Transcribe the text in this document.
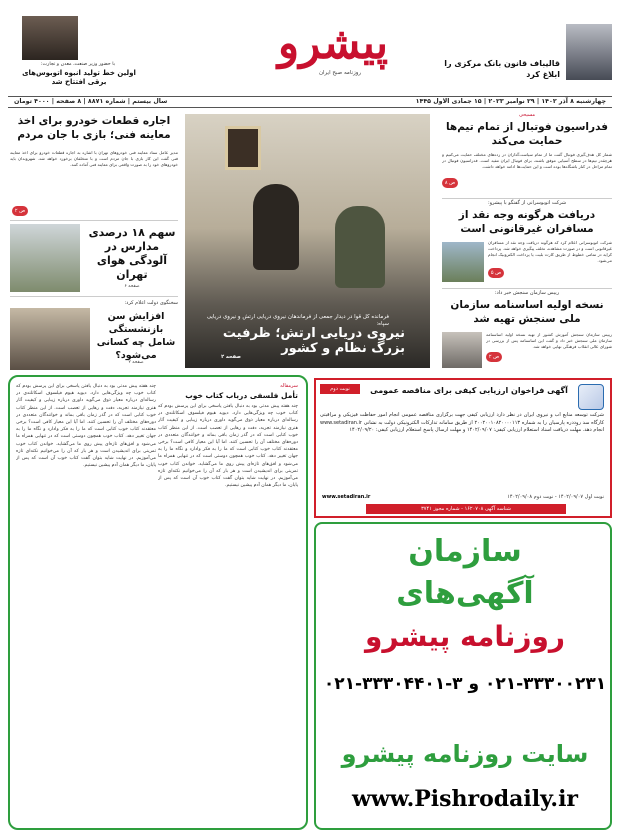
قالیباف قانون بانک مرکزی را ابلاغ کرد
پیشرو
روزنامه صبح ایران
با حضور وزیر صنعت، معدن و تجارت:
اولین خط تولید انبوه اتوبوس‌های برقی افتتاح شد
چهارشنبه ۸ آذر ۱۴۰۲ | ۲۹ نوامبر ۲۰۲۳ | ۱۵ جمادی الاول ۱۴۴۵
سال بیستم | شماره ۸۸۷۱ | ۸ صفحه | ۴۰۰۰ تومان
مسیحی
فدراسیون فوتبال از تمام تیم‌ها حمایت می‌کند
شمار کل هدف‌گیری فوتبال گفت ما از تمام سیاست‌گذاران در رده‌های مختلف حمایت می‌کنیم و هرچقدر تیم‌ها در سطح آسیایی موفق باشند، برای فوتبال ایران مفید است. فدراسیون فوتبال در تمام مراحل در کنار باشگاه‌ها بوده است و این حمایت‌ها ادامه خواهد داشت.
ص ۸
شرکت اتوبوسرانی از گفتگو با پیشرو:
دریافت هرگونه وجه نقد از مسافران غیرقانونی است
شرکت اتوبوسرانی اعلام کرد که هرگونه دریافت وجه نقد از مسافران غیرقانونی است و در صورت مشاهده، تخلف پیگیری خواهد شد. پرداخت کرایه در تمامی خطوط از طریق کارت بلیت یا پرداخت الکترونیک انجام می‌شود.
ص ۵
رییس سازمان سنجش خبر داد:
نسخه اولیه اساسنامه سازمان ملی سنجش تهیه شد
رییس سازمان سنجش آموزش کشور از تهیه نسخه اولیه اساسنامه سازمان ملی سنجش خبر داد و گفت این اساسنامه پس از بررسی در شورای عالی انقلاب فرهنگی نهایی خواهد شد.
ص ۲
فرمانده کل قوا در دیدار جمعی از فرماندهان نیروی دریایی ارتش و نیروی دریایی سپاه:
نیروی دریایی ارتش؛ ظرفیت بزرگ نظام و کشور
صفحه ۲
اجاره قطعات خودرو برای اخذ معاینه فنی؛ بازی با جان مردم
مدیر عامل ستاد معاینه فنی خودروهای تهران با اشاره به اجاره قطعات خودرو برای اخذ معاینه فنی گفت این کار بازی با جان مردم است و با متخلفان برخورد خواهد شد. شهروندان باید خودروهای خود را به صورت واقعی برای معاینه فنی آماده کنند.
ص ۲
سهم ۱۸ درصدی مدارس در آلودگی هوای تهران
صفحه ۶
سخنگوی دولت اعلام کرد:
افزایش سن بازنشستگی شامل چه کسانی می‌شود؟
صفحه ۲
سرمقاله
تأمل فلسفی درباب کتاب خوب
چند هفته پیش مدتی بود به دنبال یافتن پاسخی برای این پرسش بودم که کتاب خوب چه ویژگی‌هایی دارد. دیوید هیوم فیلسوف اسکاتلندی در رساله‌ای درباره معیار ذوق می‌گوید داوری درباره زیبایی و کیفیت آثار هنری نیازمند تجربه، دقت و رهایی از تعصب است. از این منظر کتاب خوب کتابی است که در گذر زمان باقی بماند و خوانندگان متعددی در دوره‌های مختلف آن را تحسین کنند. اما آیا این معیار کافی است؟ برخی معتقدند کتاب خوب کتابی است که ما را به فکر وادارد و نگاه ما را به جهان تغییر دهد. کتاب خوب همچون دوستی است که در تنهایی همراه ما می‌شود و افق‌های تازه‌ای پیش روی ما می‌گشاید. خواندن کتاب خوب تمرینی برای اندیشیدن است و هر بار که آن را می‌خوانیم نکته‌ای تازه می‌آموزیم. در نهایت شاید بتوان گفت کتاب خوب آن است که پس از پایان، ما دیگر همان آدم پیشین نیستیم.
چند هفته پیش مدتی بود به دنبال یافتن پاسخی برای این پرسش بودم که کتاب خوب چه ویژگی‌هایی دارد. دیوید هیوم فیلسوف اسکاتلندی در رساله‌ای درباره معیار ذوق می‌گوید داوری درباره زیبایی و کیفیت آثار هنری نیازمند تجربه، دقت و رهایی از تعصب است. از این منظر کتاب خوب کتابی است که در گذر زمان باقی بماند و خوانندگان متعددی در دوره‌های مختلف آن را تحسین کنند. اما آیا این معیار کافی است؟ برخی معتقدند کتاب خوب کتابی است که ما را به فکر وادارد و نگاه ما را به جهان تغییر دهد. کتاب خوب همچون دوستی است که در تنهایی همراه ما می‌شود و افق‌های تازه‌ای پیش روی ما می‌گشاید. خواندن کتاب خوب تمرینی برای اندیشیدن است و هر بار که آن را می‌خوانیم نکته‌ای تازه می‌آموزیم. در نهایت شاید بتوان گفت کتاب خوب آن است که پس از پایان، ما دیگر همان آدم پیشین نیستیم.
نوبت دوم	آگهی فراخوان ارزیابی کیفی برای مناقصه عمومی
شرکت توسعه منابع آب و نیروی ایران در نظر دارد ارزیابی کیفی جهت برگزاری مناقصه عمومی انجام امور حفاظت فیزیکی و مراقبتی کارگاه سد روددره پارسیان را به شماره ۲۰۰۲۰۰۱۰۸۲۰۰۰۰۱۱۳ از طریق سامانه تدارکات الکترونیکی دولت به نشانی www.setadiran.ir انجام دهد. مهلت دریافت اسناد استعلام ارزیابی کیفی: ۱۴۰۲/۰۹/۰۷ و مهلت ارسال پاسخ استعلام ارزیابی کیفی: ۱۴۰۲/۰۹/۲۰
www.setadiran.ir	نوبت اول ۱۴۰۲/۰۹/۰۷ - نوبت دوم ۱۴۰۲/۰۹/۰۸
شناسه آگهی ۱۶۲۰۷۰۸ - شماره مجوز ۳۷۴۱
سازمان
آگهی‌های
روزنامه پیشرو
۰۲۱-۳۳۳۰۰۲۳۱ و ۳-۳۳۳۰۴۴۰۱-۰۲۱
سایت روزنامه پیشرو
www.Pishrodaily.ir
